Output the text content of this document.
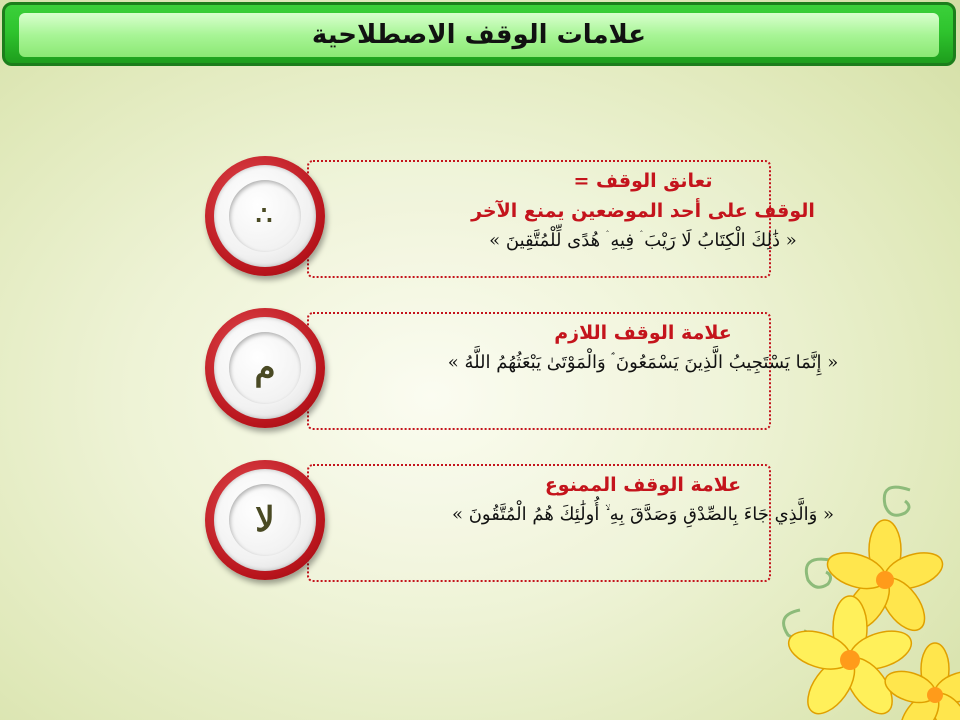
علامات الوقف الاصطلاحية
تعانق الوقف =
الوقف على أحد الموضعين يمنع الآخر
« ذَٰلِكَ الْكِتَابُ لَا رَيْبَ ۛ فِيهِ ۛ هُدًى لِّلْمُتَّقِينَ »
∴
علامة الوقف اللازم
« إِنَّمَا يَسْتَجِيبُ الَّذِينَ يَسْمَعُونَ ۘ وَالْمَوْتَىٰ يَبْعَثُهُمُ اللَّهُ »
م
علامة الوقف الممنوع
« وَالَّذِي جَاءَ بِالصِّدْقِ وَصَدَّقَ بِهِ ۙ أُولَٰئِكَ هُمُ الْمُتَّقُونَ »
لا
